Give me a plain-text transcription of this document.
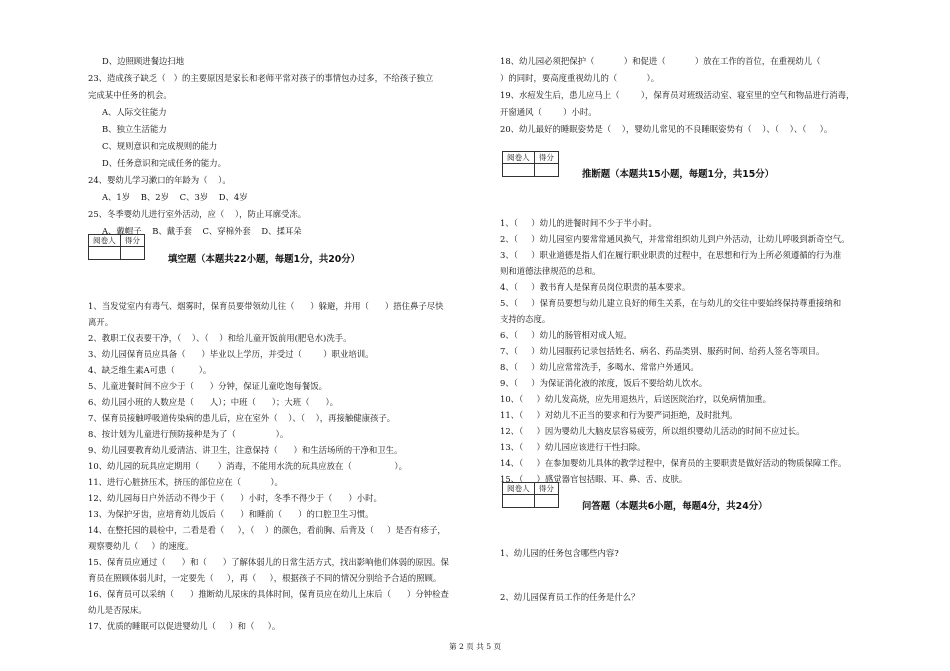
D、边照顾进餐边扫地
23、造成孩子缺乏（   ）的主要原因是家长和老师平常对孩子的事情包办过多，不给孩子独立
完成某中任务的机会。
A、人际交往能力
B、独立生活能力
C、规则意识和完成规则的能力
D、任务意识和完成任务的能力。
24、婴幼儿学习漱口的年龄为（    ）。
A、1岁    B、2岁    C、3岁    D、4岁
25、冬季婴幼儿进行室外活动，应（    ），防止耳廓受冻。
A、戴帽子    B、戴手套    C、穿棉外套    D、揉耳朵
阅卷人	得分

填空题（本题共22小题，每题1分，共20分）
1、当发觉室内有毒气、烟雾时，保育员要带领幼儿往（      ）躲避，并用（      ）捂住鼻子尽快
离开。
2、教职工仪表要干净，（    ）、（    ）和给儿童开饭前用(肥皂水)洗手。
3、幼儿园保育员应具备（      ）毕业以上学历，并受过（        ）职业培训。
4、缺乏维生素A可患（         ）。
5、儿童进餐时间不应少于（      ）分钟，保证儿童吃饱每餐饭。
6、幼儿园小班的人数应是（      人）；中班（      ）；大班（      ）。
7、保育员接触呼吸道传染病的患儿后，应在室外（    ）、（    ），再接触健康孩子。
8、按计划为儿童进行预防接种是为了（               ）。
9、幼儿园要教育幼儿爱清洁、讲卫生，注意保持（      ）和生活场所的干净和卫生。
10、幼儿园的玩具应定期用（       ）消毒，不能用水洗的玩具应放在（                ）。
11、进行心脏挤压术，挤压的部位应在（           ）。
12、幼儿园每日户外活动不得少于（      ）小时，冬季不得少于（      ）小时。
13、为保护牙齿，应培育幼儿饭后（      ）和睡前（      ）的口腔卫生习惯。
14、在整托园的晨检中，二看是看（     ），（    ）的颜色，看前胸、后背及（     ）是否有疹子，
观察婴幼儿（     ）的速度。
15、保育员应通过（      ）和（      ）了解体弱儿的日常生活方式，找出影响他们体弱的原因。保
育员在照顾体弱儿时，一定要先（     ），再（     ），根据孩子不同的情况分别给予合适的照顾。
16、保育员可以采纳（      ）推断幼儿尿床的具体时间，保育员应在幼儿上床后（      ）分钟检查
幼儿是否尿床。
17、优质的睡眠可以促进婴幼儿（     ）和（     ）。
18、幼儿园必须把保护（           ）和促进（           ）放在工作的首位，在重视幼儿（
）的同时，要高度重视幼儿的（           ）。
19、水痘发生后，患儿应马上（        ），保育员对班级活动室、寝室里的空气和物品进行消毒，
开窗通风（        ）小时。
20、幼儿最好的睡眠姿势是（    ），婴幼儿常见的不良睡眠姿势有（    ）、（    ）、（     ）。
阅卷人	得分

推断题（本题共15小题，每题1分，共15分）
1、（     ）幼儿的进餐时间不少于半小时。
2、（     ）幼儿园室内要常常通风换气，并常常组织幼儿到户外活动，让幼儿呼吸到新奇空气。
3、（     ）职业道德是指人们在履行职业职责的过程中，在思想和行为上所必须遵循的行为准
则和道德法律规范的总和。
4、（     ）教书育人是保育员岗位职责的基本要求。
5、（     ）保育员要想与幼儿建立良好的师生关系，在与幼儿的交往中要始终保持尊重接纳和
支持的态度。
6、（     ）幼儿的肠管相对成人短。
7、（     ）幼儿园服药记录包括姓名、病名、药品类别、服药时间、给药人签名等项目。
8、（     ）幼儿应常常洗手，多喝水、常常户外通风。
9、（     ）为保证消化液的浓度，饭后不要给幼儿饮水。
10、（     ）幼儿发高烧，应先用退热片，后送医院治疗，以免病情加重。
11、（     ）对幼儿不正当的要求和行为要严词拒绝，及时批判。
12、（     ）因为婴幼儿大脑皮层容易疲劳，所以组织婴幼儿活动的时间不应过长。
13、（     ）幼儿园应该进行干性扫除。
14、（     ）在参加婴幼儿具体的教学过程中，保育员的主要职责是做好活动的物质保障工作。
15、（     ）感觉器官包括眼、耳、鼻、舌、皮肤。
阅卷人	得分

问答题（本题共6小题，每题4分，共24分）
1、幼儿园的任务包含哪些内容?
2、幼儿园保育员工作的任务是什么？
第 2 页 共 5 页
